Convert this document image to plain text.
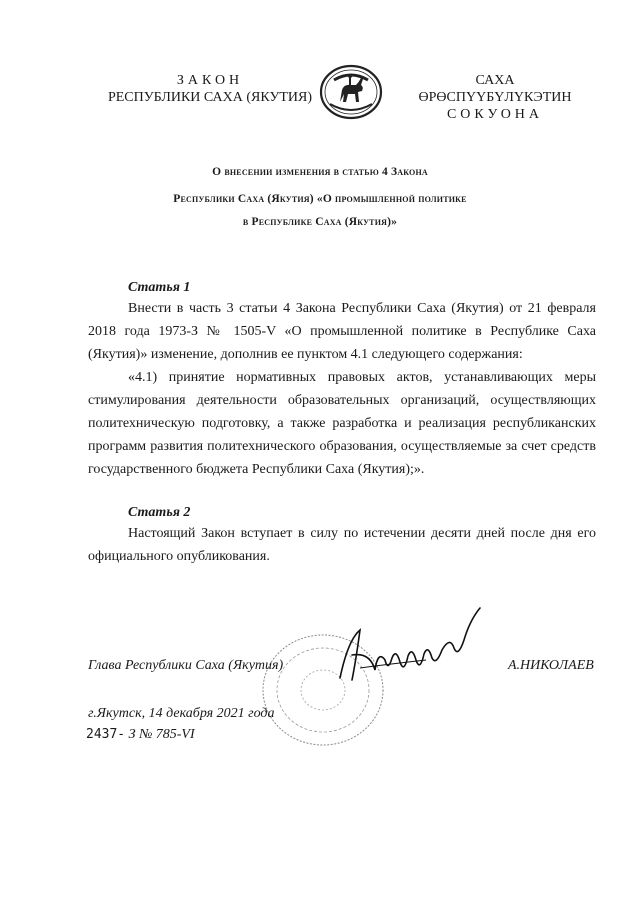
ЗАКОН
РЕСПУБЛИКИ САХА (ЯКУТИЯ)
САХА ӨРӨСПҮҮБҮЛҮКЭТИН
СОКУОНА
О внесении изменения в статью 4 Закона
Республики Саха (Якутия) «О промышленной политике
в Республике Саха (Якутия)»
Статья 1

Внести в часть 3 статьи 4 Закона Республики Саха (Якутия) от 21 февраля 2018 года 1973-З № 1505-V «О промышленной политике в Республике Саха (Якутия)» изменение, дополнив ее пунктом 4.1 следующего содержания:

«4.1) принятие нормативных правовых актов, устанавливающих меры стимулирования деятельности образовательных организаций, осуществляющих политехническую подготовку, а также разработка и реализация республиканских программ развития политехнического образования, осуществляемые за счет средств государственного бюджета Республики Саха (Якутия);».

Статья 2

Настоящий Закон вступает в силу по истечении десяти дней после дня его официального опубликования.

Глава Республики Саха (Якутия)	А.НИКОЛАЕВ
г.Якутск, 14 декабря 2021 года
2437- З № 785-VI
